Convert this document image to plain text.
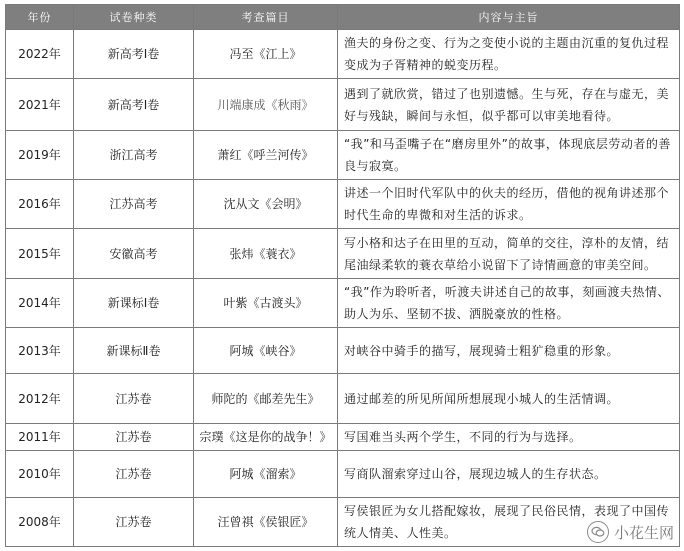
年份	试卷种类	考查篇目	内容与主旨
2022年	新高考Ⅰ卷	冯至《江上》	渔夫的身份之变、行为之变使小说的主题由沉重的复仇过程变成为子胥精神的蜕变历程。
2021年	新高考Ⅰ卷	川端康成《秋雨》	遇到了就欣赏，错过了也别遗憾。生与死，存在与虚无，美好与残缺，瞬间与永恒，似乎都可以审美地看待。
2019年	浙江高考	萧红《呼兰河传》	“我”和马歪嘴子在“磨房里外”的故事，体现底层劳动者的善良与寂寞。
2016年	江苏高考	沈从文《会明》	讲述一个旧时代军队中的伙夫的经历，借他的视角讲述那个时代生命的卑微和对生活的诉求。
2015年	安徽高考	张炜《蓑衣》	写小格和达子在田里的互动，简单的交往，淳朴的友情，结尾油绿柔软的蓑衣草给小说留下了诗情画意的审美空间。
2014年	新课标Ⅰ卷	叶紫《古渡头》	“我”作为聆听者，听渡夫讲述自己的故事，刻画渡夫热情、助人为乐、坚韧不拔、洒脱豪放的性格。
2013年	新课标Ⅱ卷	阿城《峡谷》	对峡谷中骑手的描写，展现骑士粗犷稳重的形象。
2012年	江苏卷	师陀的《邮差先生》	通过邮差的所见所闻所想展现小城人的生活情调。
2011年	江苏卷	宗璞《这是你的战争！》	写国难当头两个学生，不同的行为与选择。
2010年	江苏卷	阿城《溜索》	写商队溜索穿过山谷，展现边城人的生存状态。
2008年	江苏卷	汪曾祺《侯银匠》	写侯银匠为女儿搭配嫁妆，展现了民俗民情，表现了中国传统人情美、人性美。	小花生网
